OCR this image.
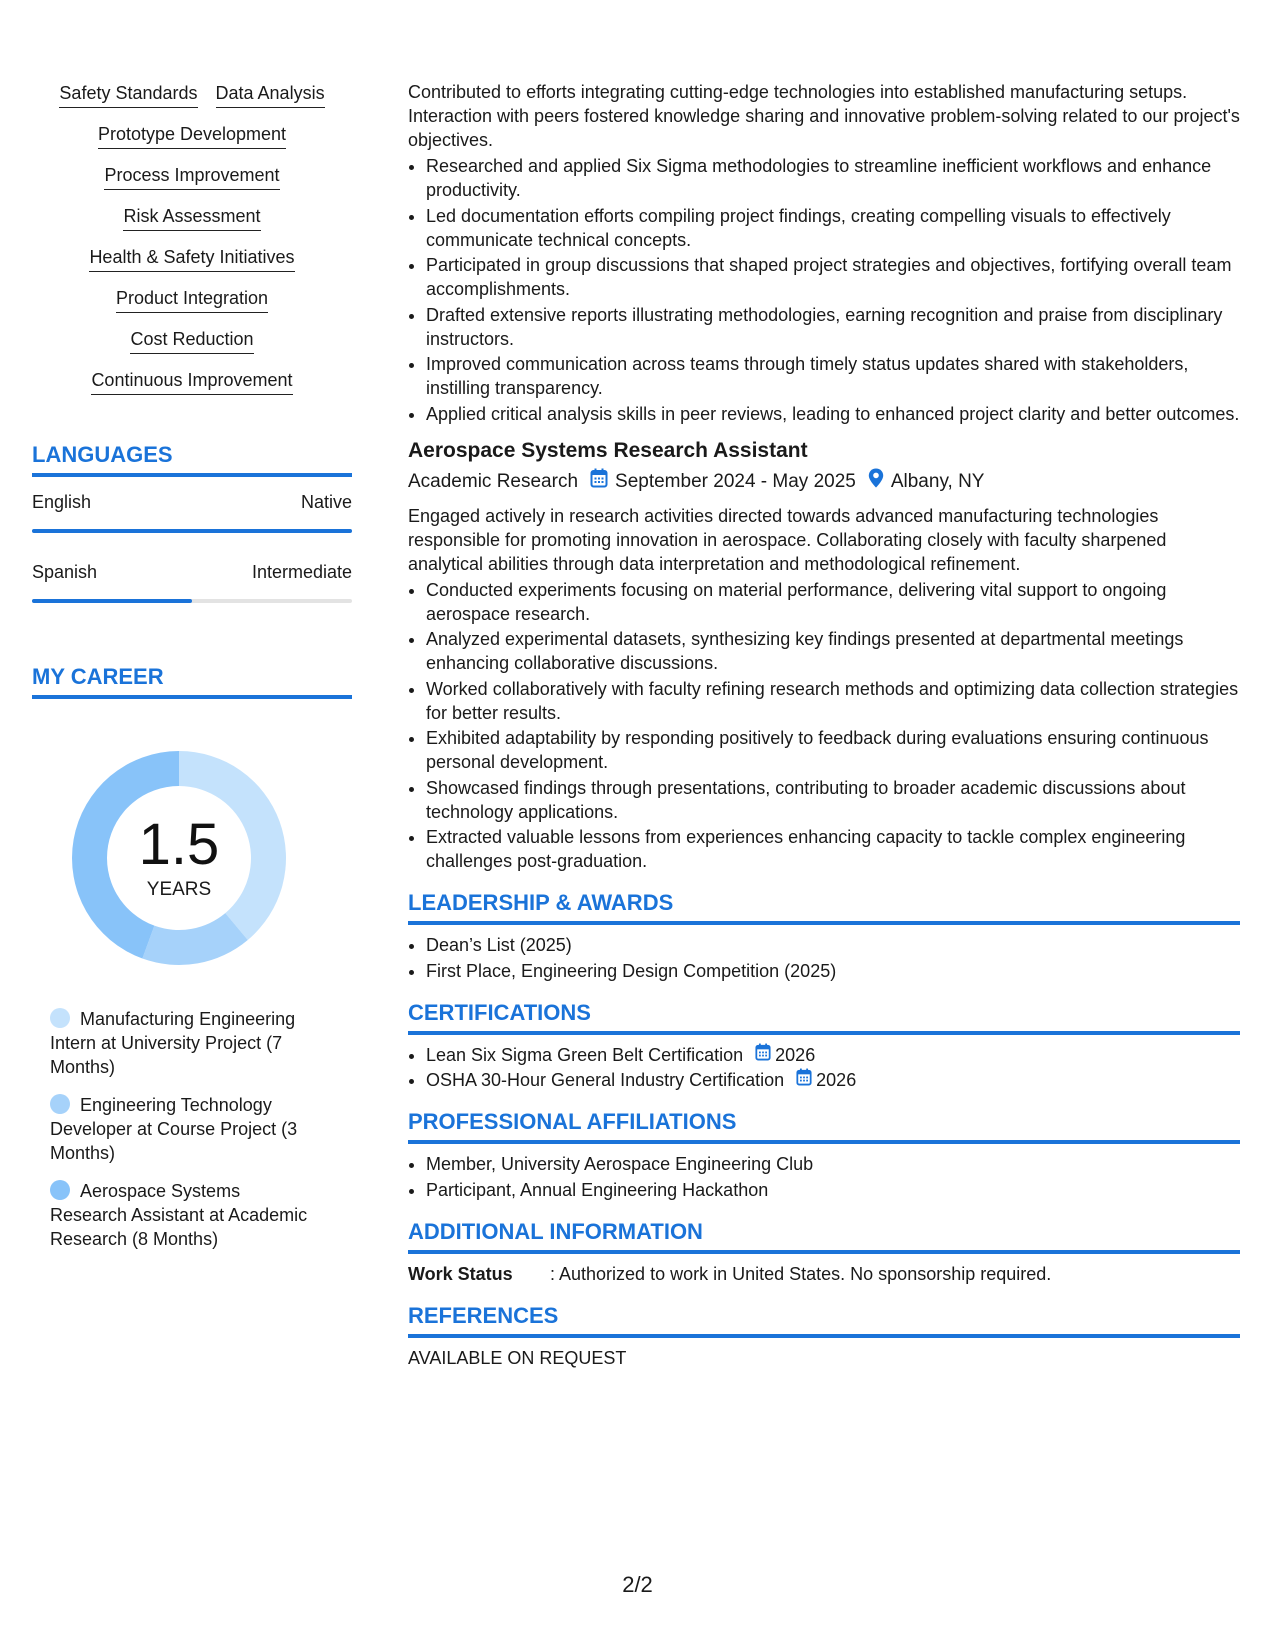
Safety Standards Data Analysis
Prototype Development
Process Improvement
Risk Assessment
Health & Safety Initiatives
Product Integration
Cost Reduction
Continuous Improvement
LANGUAGES
English	Native
Spanish	Intermediate
MY CAREER
1.5
YEARS
Manufacturing Engineering Intern at University Project (7 Months)
Engineering Technology Developer at Course Project (3 Months)
Aerospace Systems Research Assistant at Academic Research (8 Months)

Contributed to efforts integrating cutting-edge technologies into established manufacturing setups. Interaction with peers fostered knowledge sharing and innovative problem-solving related to our project's objectives.

• Researched and applied Six Sigma methodologies to streamline inefficient workflows and enhance productivity.
• Led documentation efforts compiling project findings, creating compelling visuals to effectively communicate technical concepts.
• Participated in group discussions that shaped project strategies and objectives, fortifying overall team accomplishments.
• Drafted extensive reports illustrating methodologies, earning recognition and praise from disciplinary instructors.
• Improved communication across teams through timely status updates shared with stakeholders, instilling transparency.
• Applied critical analysis skills in peer reviews, leading to enhanced project clarity and better outcomes.
Aerospace Systems Research Assistant
Academic Research September 2024 - May 2025 Albany, NY

Engaged actively in research activities directed towards advanced manufacturing technologies responsible for promoting innovation in aerospace. Collaborating closely with faculty sharpened analytical abilities through data interpretation and methodological refinement.

• Conducted experiments focusing on material performance, delivering vital support to ongoing aerospace research.
• Analyzed experimental datasets, synthesizing key findings presented at departmental meetings enhancing collaborative discussions.
• Worked collaboratively with faculty refining research methods and optimizing data collection strategies for better results.
• Exhibited adaptability by responding positively to feedback during evaluations ensuring continuous personal development.
• Showcased findings through presentations, contributing to broader academic discussions about technology applications.
• Extracted valuable lessons from experiences enhancing capacity to tackle complex engineering challenges post-graduation.
LEADERSHIP & AWARDS
• Dean’s List (2025)
• First Place, Engineering Design Competition (2025)
CERTIFICATIONS
• Lean Six Sigma Green Belt Certification 2026
• OSHA 30-Hour General Industry Certification 2026
PROFESSIONAL AFFILIATIONS
• Member, University Aerospace Engineering Club
• Participant, Annual Engineering Hackathon
ADDITIONAL INFORMATION
Work Status	: Authorized to work in United States. No sponsorship required.
REFERENCES
AVAILABLE ON REQUEST
2/2
